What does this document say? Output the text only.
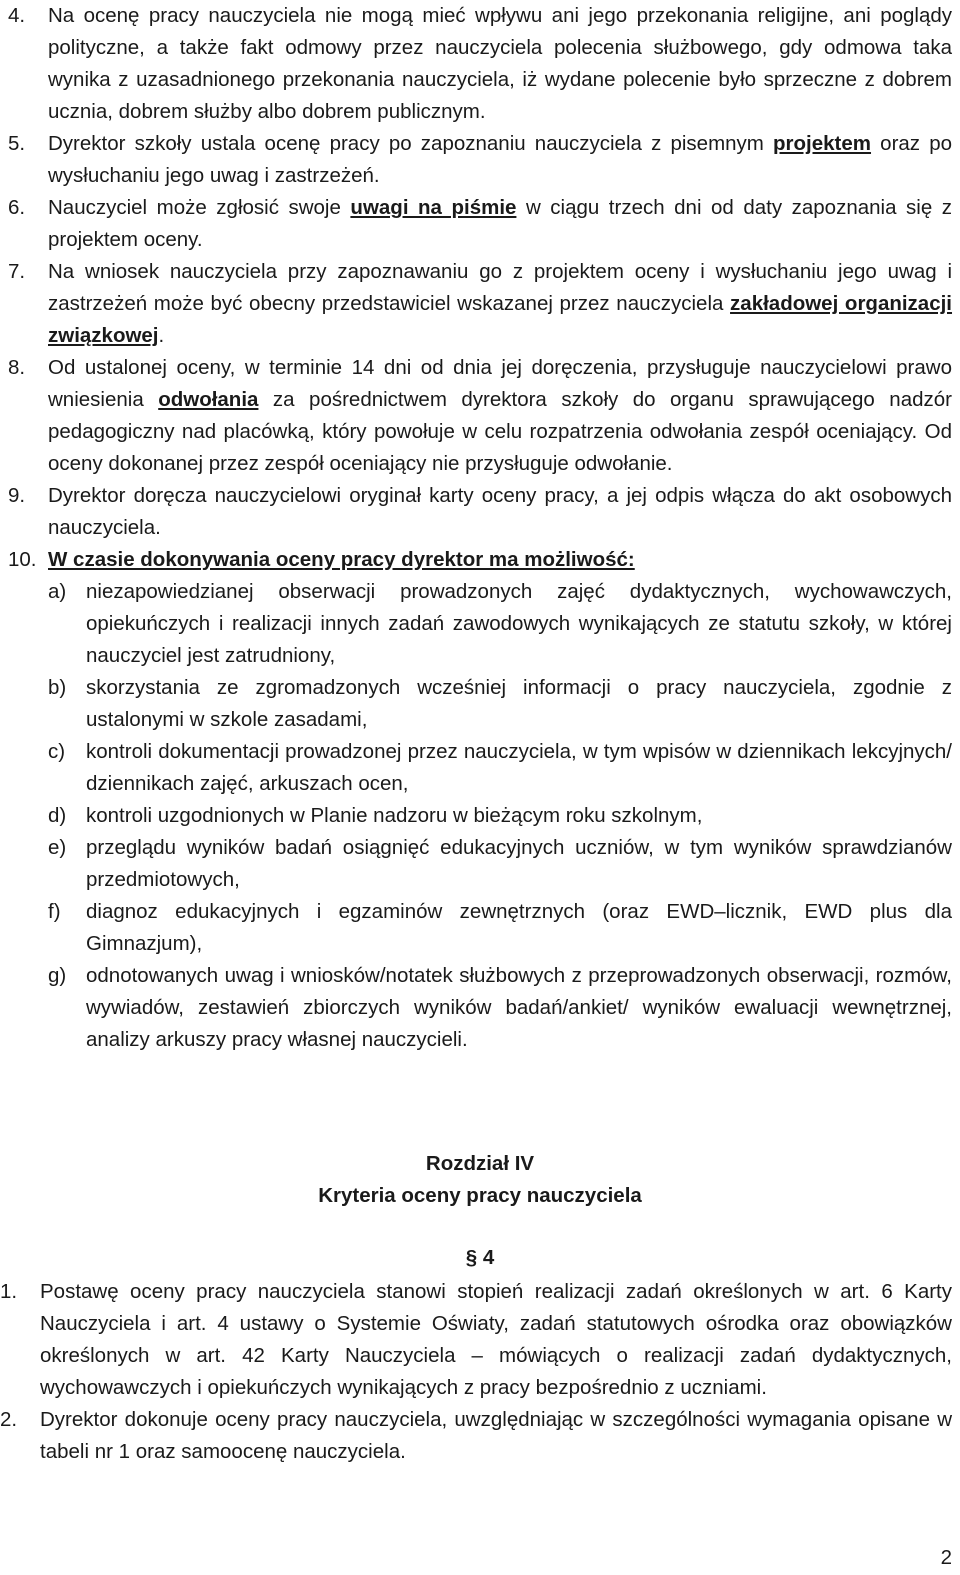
4. Na ocenę pracy nauczyciela nie mogą mieć wpływu ani jego przekonania religijne, ani poglądy polityczne, a także fakt odmowy przez nauczyciela polecenia służbowego, gdy odmowa taka wynika z uzasadnionego przekonania nauczyciela, iż wydane polecenie było sprzeczne z dobrem ucznia, dobrem służby albo dobrem publicznym.
5. Dyrektor szkoły ustala ocenę pracy po zapoznaniu nauczyciela z pisemnym projektem oraz po wysłuchaniu jego uwag i zastrzeżeń.
6. Nauczyciel może zgłosić swoje uwagi na piśmie w ciągu trzech dni od daty zapoznania się z projektem oceny.
7. Na wniosek nauczyciela przy zapoznawaniu go z projektem oceny i wysłuchaniu jego uwag i zastrzeżeń może być obecny przedstawiciel wskazanej przez nauczyciela zakładowej organizacji związkowej.
8. Od ustalonej oceny, w terminie 14 dni od dnia jej doręczenia, przysługuje nauczycielowi prawo wniesienia odwołania za pośrednictwem dyrektora szkoły do organu sprawującego nadzór pedagogiczny nad placówką, który powołuje w celu rozpatrzenia odwołania zespół oceniający. Od oceny dokonanej przez zespół oceniający nie przysługuje odwołanie.
9. Dyrektor doręcza nauczycielowi oryginał karty oceny pracy, a jej odpis włącza do akt osobowych nauczyciela.
10. W czasie dokonywania oceny pracy dyrektor ma możliwość:
a) niezapowiedzianej obserwacji prowadzonych zajęć dydaktycznych, wychowawczych, opiekuńczych i realizacji innych zadań zawodowych wynikających ze statutu szkoły, w której nauczyciel jest zatrudniony,
b) skorzystania ze zgromadzonych wcześniej informacji o pracy nauczyciela, zgodnie z ustalonymi w szkole zasadami,
c) kontroli dokumentacji prowadzonej przez nauczyciela, w tym wpisów w dziennikach lekcyjnych/ dziennikach zajęć, arkuszach ocen,
d) kontroli uzgodnionych w Planie nadzoru w bieżącym roku szkolnym,
e) przeglądu wyników badań osiągnięć edukacyjnych uczniów, w tym wyników sprawdzianów przedmiotowych,
f) diagnoz edukacyjnych i egzaminów zewnętrznych (oraz EWD–licznik, EWD plus dla Gimnazjum),
g) odnotowanych uwag i wniosków/notatek służbowych z przeprowadzonych obserwacji, rozmów, wywiadów, zestawień zbiorczych wyników badań/ankiet/ wyników ewaluacji wewnętrznej, analizy arkuszy pracy własnej nauczycieli.
Rozdział IV
Kryteria oceny pracy nauczyciela
§ 4
1. Postawę oceny pracy nauczyciela stanowi stopień realizacji zadań określonych w art. 6 Karty Nauczyciela i art. 4 ustawy o Systemie Oświaty, zadań statutowych ośrodka oraz obowiązków określonych w art. 42 Karty Nauczyciela – mówiących o realizacji zadań dydaktycznych, wychowawczych i opiekuńczych wynikających z pracy bezpośrednio z uczniami.
2. Dyrektor dokonuje oceny pracy nauczyciela, uwzględniając w szczególności wymagania opisane w tabeli nr 1 oraz samoocenę nauczyciela.
2
